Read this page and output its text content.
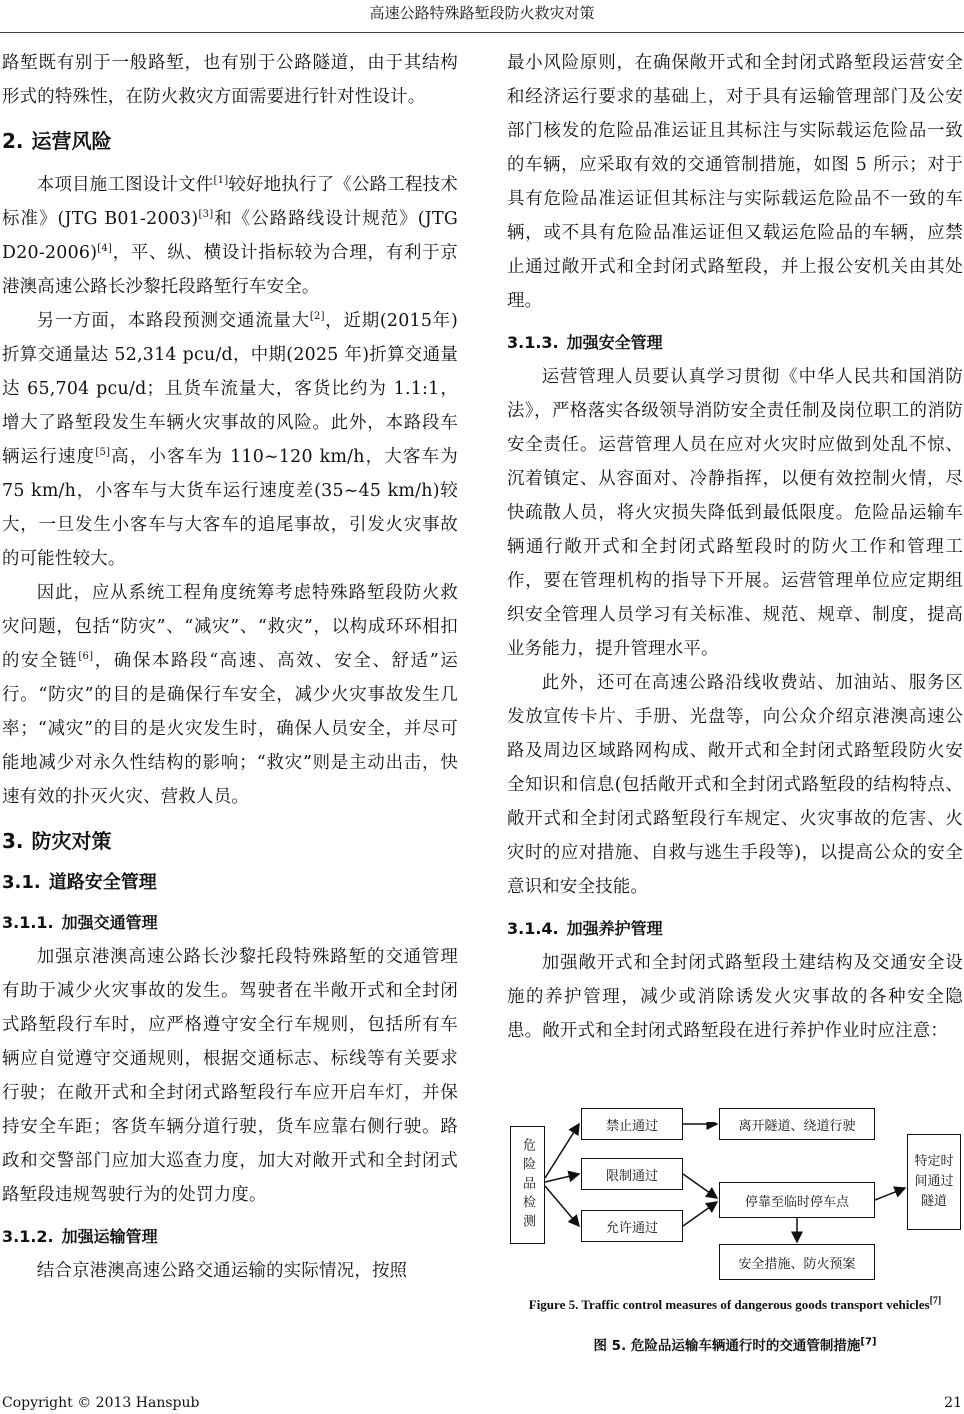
高速公路特殊路堑段防火救灾对策

路堑既有别于一般路堑，也有别于公路隧道，由于其结构形式的特殊性，在防火救灾方面需要进行针对性设计。

2. 运营风险

本项目施工图设计文件[1]较好地执行了《公路工程技术标准》(JTG B01-2003)[3]和《公路路线设计规范》(JTG D20-2006)[4]，平、纵、横设计指标较为合理，有利于京港澳高速公路长沙黎托段路堑行车安全。

另一方面，本路段预测交通流量大[2]，近期(2015年)折算交通量达 52,314 pcu/d，中期(2025 年)折算交通量达 65,704 pcu/d；且货车流量大，客货比约为 1.1:1，增大了路堑段发生车辆火灾事故的风险。此外，本路段车辆运行速度[5]高，小客车为 110~120 km/h，大客车为 75 km/h，小客车与大货车运行速度差(35~45 km/h)较大，一旦发生小客车与大客车的追尾事故，引发火灾事故的可能性较大。

因此，应从系统工程角度统筹考虑特殊路堑段防火救灾问题，包括“防灾”、“减灾”、“救灾”，以构成环环相扣的安全链[6]，确保本路段“高速、高效、安全、舒适”运行。“防灾”的目的是确保行车安全，减少火灾事故发生几率；“减灾”的目的是火灾发生时，确保人员安全，并尽可能地减少对永久性结构的影响；“救灾”则是主动出击，快速有效的扑灭火灾、营救人员。

3. 防灾对策
3.1. 道路安全管理
3.1.1. 加强交通管理

加强京港澳高速公路长沙黎托段特殊路堑的交通管理有助于减少火灾事故的发生。驾驶者在半敞开式和全封闭式路堑段行车时，应严格遵守安全行车规则，包括所有车辆应自觉遵守交通规则，根据交通标志、标线等有关要求行驶；在敞开式和全封闭式路堑段行车应开启车灯，并保持安全车距；客货车辆分道行驶，货车应靠右侧行驶。路政和交警部门应加大巡查力度，加大对敞开式和全封闭式路堑段违规驾驶行为的处罚力度。

3.1.2. 加强运输管理

结合京港澳高速公路交通运输的实际情况，按照

最小风险原则，在确保敞开式和全封闭式路堑段运营安全和经济运行要求的基础上，对于具有运输管理部门及公安部门核发的危险品准运证且其标注与实际载运危险品一致的车辆，应采取有效的交通管制措施，如图 5 所示；对于具有危险品准运证但其标注与实际载运危险品不一致的车辆，或不具有危险品准运证但又载运危险品的车辆，应禁止通过敞开式和全封闭式路堑段，并上报公安机关由其处理。

3.1.3. 加强安全管理

运营管理人员要认真学习贯彻《中华人民共和国消防法》，严格落实各级领导消防安全责任制及岗位职工的消防安全责任。运营管理人员在应对火灾时应做到处乱不惊、沉着镇定、从容面对、冷静指挥，以便有效控制火情，尽快疏散人员，将火灾损失降低到最低限度。危险品运输车辆通行敞开式和全封闭式路堑段时的防火工作和管理工作，要在管理机构的指导下开展。运营管理单位应定期组织安全管理人员学习有关标准、规范、规章、制度，提高业务能力，提升管理水平。

此外，还可在高速公路沿线收费站、加油站、服务区发放宣传卡片、手册、光盘等，向公众介绍京港澳高速公路及周边区域路网构成、敞开式和全封闭式路堑段防火安全知识和信息(包括敞开式和全封闭式路堑段的结构特点、敞开式和全封闭式路堑段行车规定、火灾事故的危害、火灾时的应对措施、自救与逃生手段等)，以提高公众的安全意识和安全技能。

3.1.4. 加强养护管理

加强敞开式和全封闭式路堑段土建结构及交通安全设施的养护管理，减少或消除诱发火灾事故的各种安全隐患。敞开式和全封闭式路堑段在进行养护作业时应注意：

危险品检测
禁止通过
限制通过
允许通过
离开隧道、绕道行驶
停靠至临时停车点
安全措施、防火预案
特定时间通过隧道
Figure 5. Traffic control measures of dangerous goods transport vehicles[7]
图 5. 危险品运输车辆通行时的交通管制措施[7]
Copyright © 2013 Hanspub	21
